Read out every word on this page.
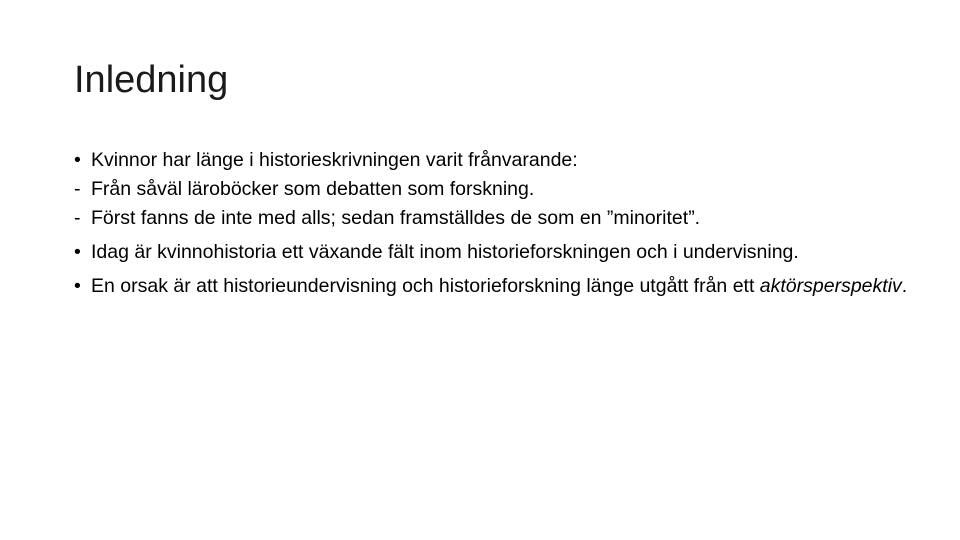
Inledning
• Kvinnor har länge i historieskrivningen varit frånvarande:
- Från såväl läroböcker som debatten som forskning.
- Först fanns de inte med alls; sedan framställdes de som en ”minoritet”.
• Idag är kvinnohistoria ett växande fält inom historieforskningen och i undervisning.
• En orsak är att historieundervisning och historieforskning länge utgått från ett aktörsperspektiv.
